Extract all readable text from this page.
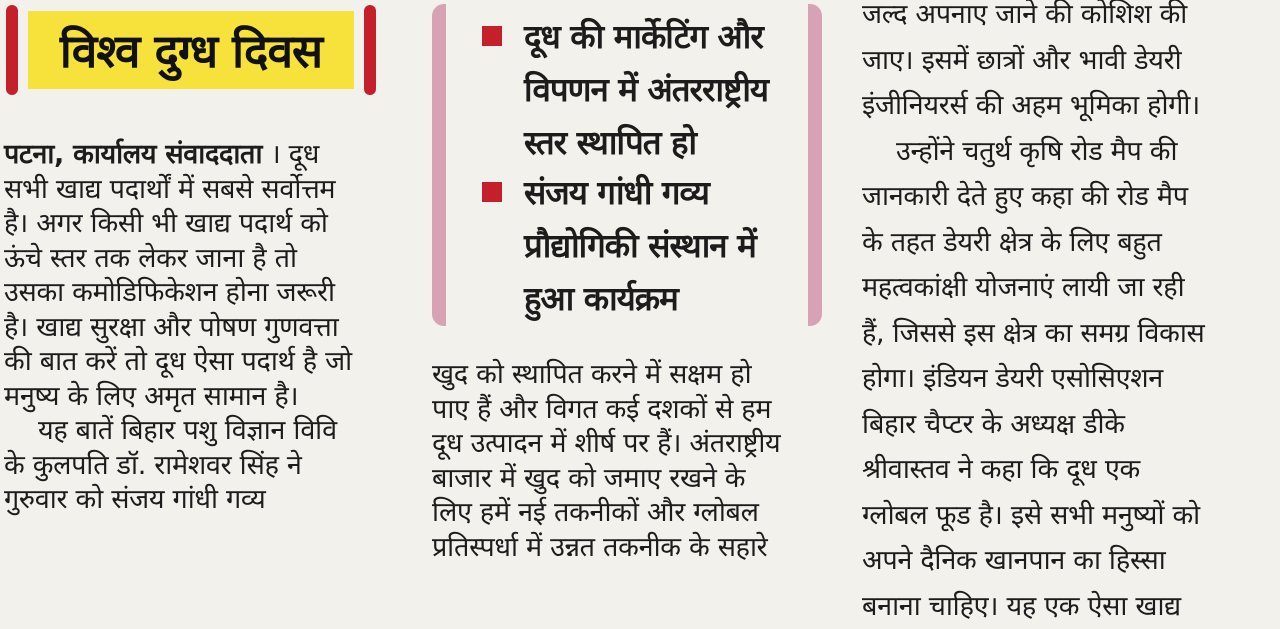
विश्व दुग्ध दिवस
पटना, कार्यालय संवाददाता । दूध
सभी खाद्य पदार्थों में सबसे सर्वोत्तम
है। अगर किसी भी खाद्य पदार्थ को
ऊंचे स्तर तक लेकर जाना है तो
उसका कमोडिफिकेशन होना जरूरी
है। खाद्य सुरक्षा और पोषण गुणवत्ता
की बात करें तो दूध ऐसा पदार्थ है जो
मनुष्य के लिए अमृत सामान है।
यह बातें बिहार पशु विज्ञान विवि
के कुलपति डॉ. रामेशवर सिंह ने
गुरुवार को संजय गांधी गव्य
दूध की मार्केटिंग और
विपणन में अंतरराष्ट्रीय
स्तर स्थापित हो
संजय गांधी गव्य
प्रौद्योगिकी संस्थान में
हुआ कार्यक्रम
खुद को स्थापित करने में सक्षम हो
पाए हैं और विगत कई दशकों से हम
दूध उत्पादन में शीर्ष पर हैं। अंतराष्ट्रीय
बाजार में खुद को जमाए रखने के
लिए हमें नई तकनीकों और ग्लोबल
प्रतिस्पर्धा में उन्नत तकनीक के सहारे
जल्द अपनाए जाने की कोशिश की
जाए। इसमें छात्रों और भावी डेयरी
इंजीनियरर्स की अहम भूमिका होगी।
उन्होंने चतुर्थ कृषि रोड मैप की
जानकारी देते हुए कहा की रोड मैप
के तहत डेयरी क्षेत्र के लिए बहुत
महत्वकांक्षी योजनाएं लायी जा रही
हैं, जिससे इस क्षेत्र का समग्र विकास
होगा। इंडियन डेयरी एसोसिएशन
बिहार चैप्टर के अध्यक्ष डीके
श्रीवास्तव ने कहा कि दूध एक
ग्लोबल फूड है। इसे सभी मनुष्यों को
अपने दैनिक खानपान का हिस्सा
बनाना चाहिए। यह एक ऐसा खाद्य
